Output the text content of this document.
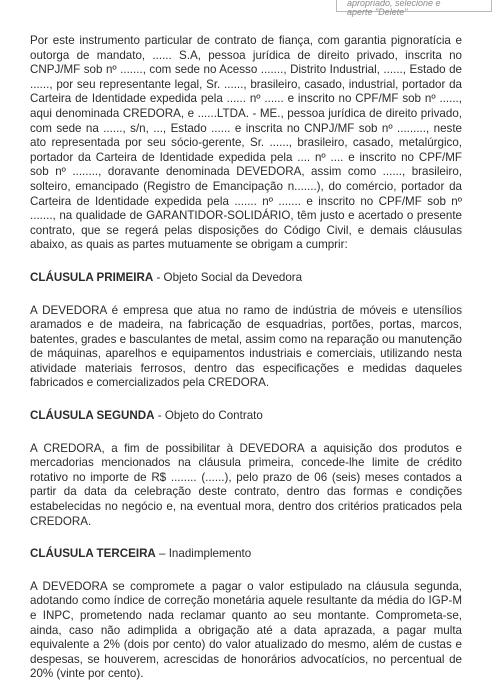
apropriado, selecione e
aperte "Delete"

Por este instrumento particular de contrato de fiança, com garantia pignoratícia e outorga de mandato, ...... S.A, pessoa jurídica de direito privado, inscrita no CNPJ/MF sob nº ......., com sede no Acesso ......., Distrito Industrial, ......, Estado de ......, por seu representante legal, Sr. ......, brasileiro, casado, industrial, portador da Carteira de Identidade expedida pela ...... nº ...... e inscrito no CPF/MF sob nº ......, aqui denominada CREDORA, e ......LTDA. - ME., pessoa jurídica de direito privado, com sede na ......, s/n, ..., Estado ...... e inscrita no CNPJ/MF sob nº ........., neste ato representada por seu sócio-gerente, Sr. ......, brasileiro, casado, metalúrgico, portador da Carteira de Identidade expedida pela .... nº .... e inscrito no CPF/MF sob nº ........, doravante denominada DEVEDORA, assim como ......, brasileiro, solteiro, emancipado (Registro de Emancipação n.......), do comércio, portador da Carteira de Identidade expedida pela ....... nº ....... e inscrito no CPF/MF sob nº ......., na qualidade de GARANTIDOR-SOLIDÁRIO, têm justo e acertado o presente contrato, que se regerá pelas disposições do Código Civil, e demais cláusulas abaixo, as quais as partes mutuamente se obrigam a cumprir:

CLÁUSULA PRIMEIRA - Objeto Social da Devedora

A DEVEDORA é empresa que atua no ramo de indústria de móveis e utensílios aramados e de madeira, na fabricação de esquadrias, portões, portas, marcos, batentes, grades e basculantes de metal, assim como na reparação ou manutenção de máquinas, aparelhos e equipamentos industriais e comerciais, utilizando nesta atividade materiais ferrosos, dentro das especificações e medidas daqueles fabricados e comercializados pela CREDORA.

CLÁUSULA SEGUNDA - Objeto do Contrato

A CREDORA, a fim de possibilitar à DEVEDORA a aquisição dos produtos e mercadorias mencionados na cláusula primeira, concede-lhe limite de crédito rotativo no importe de R$ ........ (......), pelo prazo de 06 (seis) meses contados a partir da data da celebração deste contrato, dentro das formas e condições estabelecidas no negócio e, na eventual mora, dentro dos critérios praticados pela CREDORA.

CLÁUSULA TERCEIRA – Inadimplemento

A DEVEDORA se compromete a pagar o valor estipulado na cláusula segunda, adotando como índice de correção monetária aquele resultante da média do IGP-M e INPC, prometendo nada reclamar quanto ao seu montante. Comprometa-se, ainda, caso não adimplida a obrigação até a data aprazada, a pagar multa equivalente a 2% (dois por cento) do valor atualizado do mesmo, além de custas e despesas, se houverem, acrescidas de honorários advocatícios, no percentual de 20% (vinte por cento).
